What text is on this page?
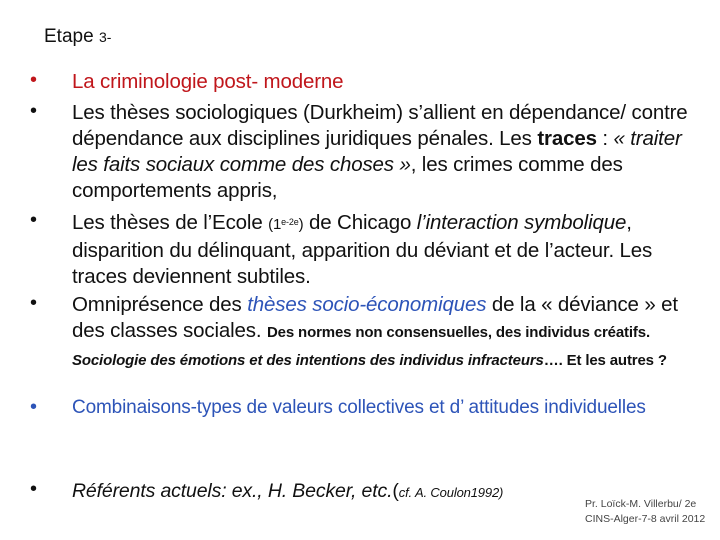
Etape 3-
• La criminologie post- moderne
• Les thèses sociologiques (Durkheim) s’allient en dépendance/ contre dépendance aux disciplines juridiques pénales. Les traces : « traiter les faits sociaux comme des choses », les crimes comme des comportements appris,
• Les thèses de l’Ecole $(1^{e-2e})$ de Chicago l’interaction symbolique, disparition du délinquant, apparition du déviant et de l’acteur. Les traces deviennent subtiles.
• Omniprésence des thèses socio-économiques de la « déviance » et des classes sociales. Des normes non consensuelles, des individus créatifs. Sociologie des émotions et des intentions des individus infracteurs…. Et les autres ?
• Combinaisons-types de valeurs collectives et d’ attitudes individuelles
• Référents actuels: ex., H. Becker, etc.(cf. A. Coulon1992)
Pr. Loïck-M. Villerbu/ 2e
CINS-Alger-7-8 avril 2012
